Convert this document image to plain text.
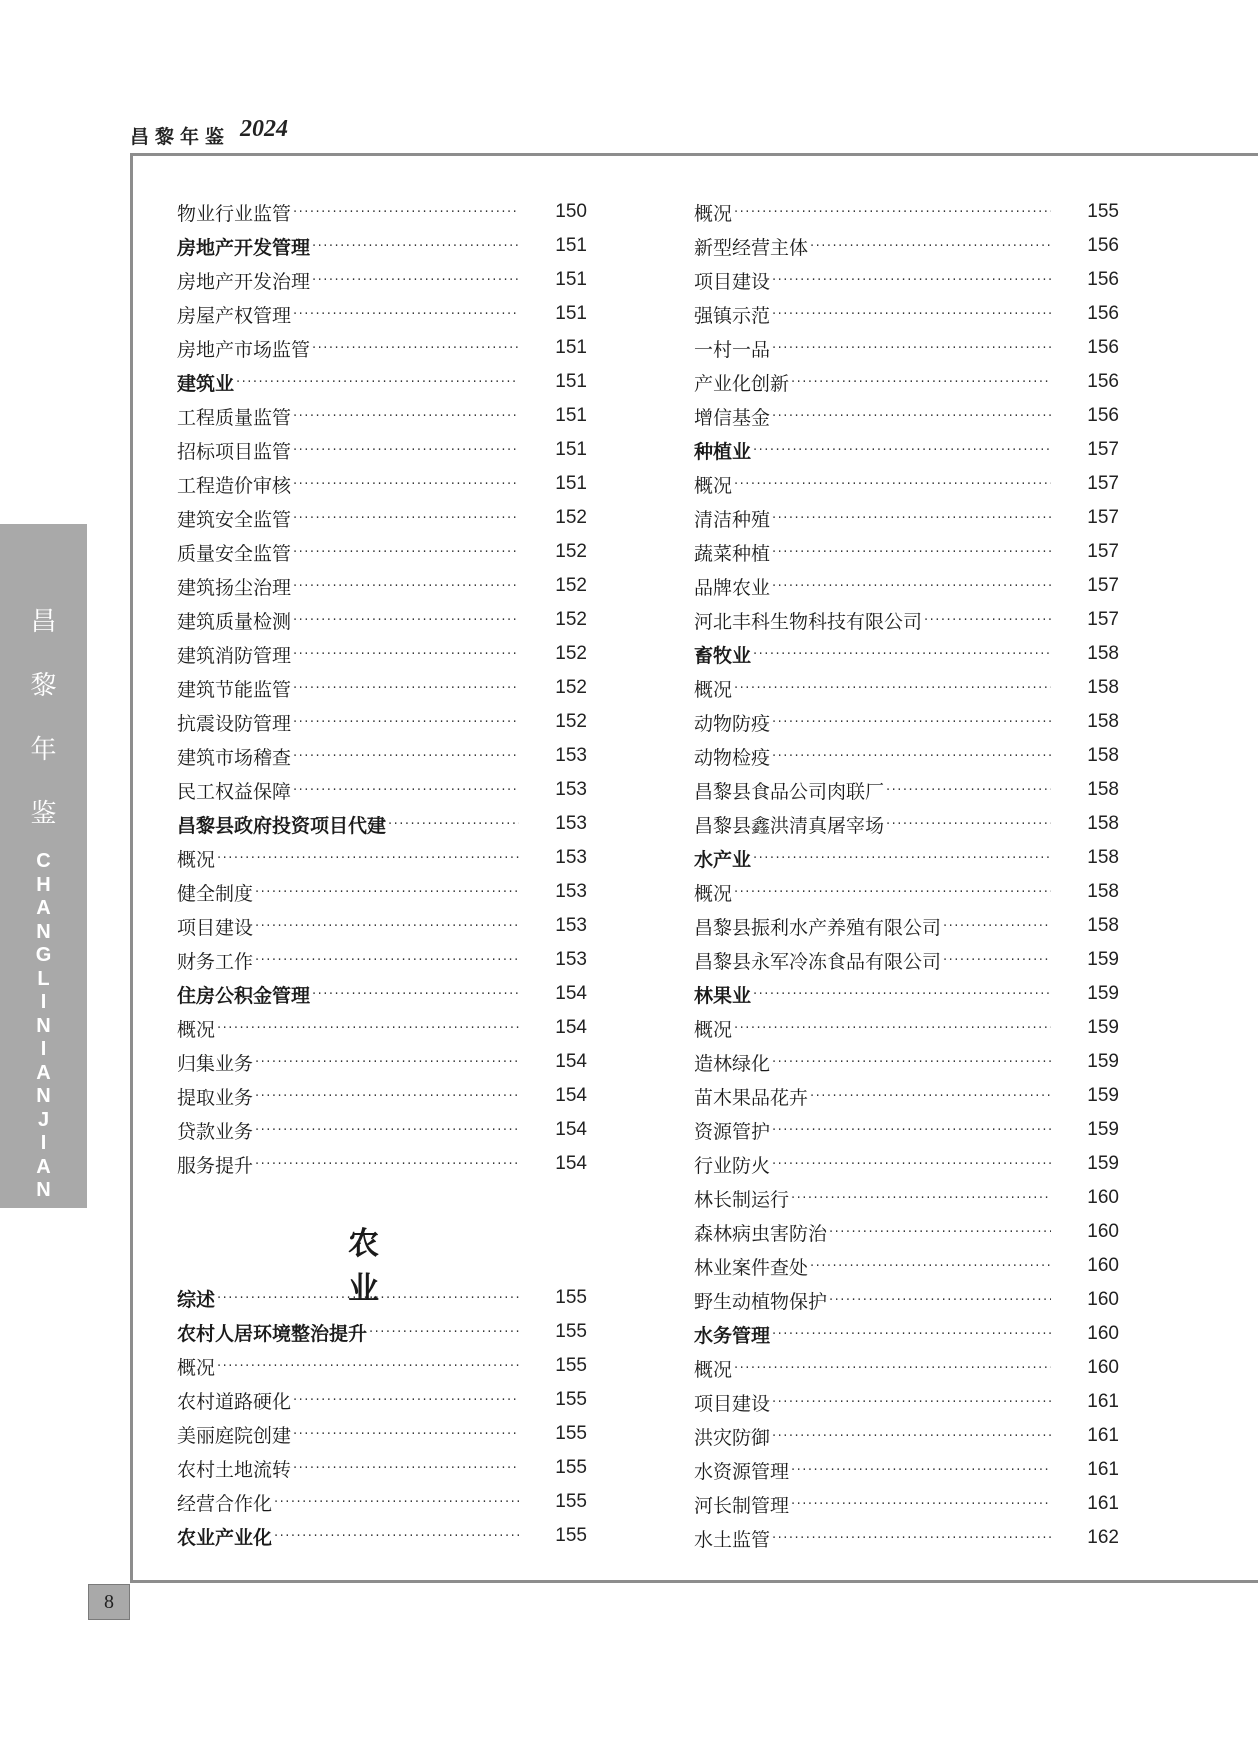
昌黎年鉴 2024
昌
黎
年
鉴
C
H
A
N
G
L
I
N
I
A
N
J
I
A
N
8
农 业
物业行业监管 ·····	150
房地产开发管理 ·····	151
房地产开发治理 ·····	151
房屋产权管理 ·····	151
房地产市场监管 ·····	151
建筑业 ·····	151
工程质量监管 ·····	151
招标项目监管 ·····	151
工程造价审核 ·····	151
建筑安全监管 ·····	152
质量安全监管 ·····	152
建筑扬尘治理 ·····	152
建筑质量检测 ·····	152
建筑消防管理 ·····	152
建筑节能监管 ·····	152
抗震设防管理 ·····	152
建筑市场稽查 ·····	153
民工权益保障 ·····	153
昌黎县政府投资项目代建 ·····	153
概况 ·····	153
健全制度 ·····	153
项目建设 ·····	153
财务工作 ·····	153
住房公积金管理 ·····	154
概况 ·····	154
归集业务 ·····	154
提取业务 ·····	154
贷款业务 ·····	154
服务提升 ·····	154
综述 ·····	155
农村人居环境整治提升 ·····	155
概况 ·····	155
农村道路硬化 ·····	155
美丽庭院创建 ·····	155
农村土地流转 ·····	155
经营合作化 ·····	155
农业产业化 ·····	155
概况 ·····	155
新型经营主体 ·····	156
项目建设 ·····	156
强镇示范 ·····	156
一村一品 ·····	156
产业化创新 ·····	156
增信基金 ·····	156
种植业 ·····	157
概况 ·····	157
清洁种殖 ·····	157
蔬菜种植 ·····	157
品牌农业 ·····	157
河北丰科生物科技有限公司 ·····	157
畜牧业 ·····	158
概况 ·····	158
动物防疫 ·····	158
动物检疫 ·····	158
昌黎县食品公司肉联厂 ·····	158
昌黎县鑫洪清真屠宰场 ·····	158
水产业 ·····	158
概况 ·····	158
昌黎县振利水产养殖有限公司 ·····	158
昌黎县永军冷冻食品有限公司 ·····	159
林果业 ·····	159
概况 ·····	159
造林绿化 ·····	159
苗木果品花卉 ·····	159
资源管护 ·····	159
行业防火 ·····	159
林长制运行 ·····	160
森林病虫害防治 ·····	160
林业案件查处 ·····	160
野生动植物保护 ·····	160
水务管理 ·····	160
概况 ·····	160
项目建设 ·····	161
洪灾防御 ·····	161
水资源管理 ·····	161
河长制管理 ·····	161
水土监管 ·····	162
